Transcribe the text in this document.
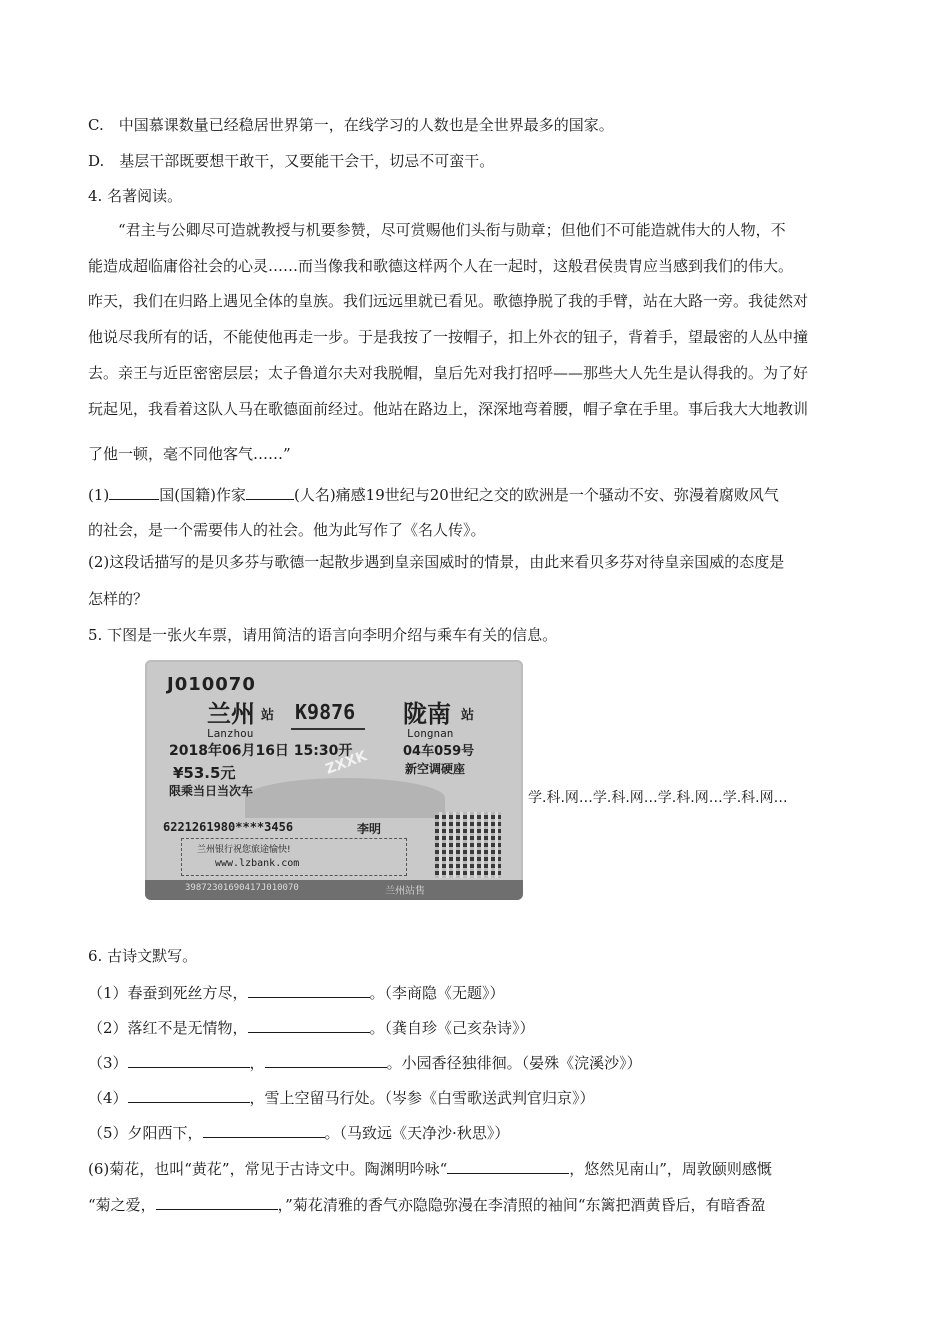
C.　中国慕课数量已经稳居世界第一，在线学习的人数也是全世界最多的国家。
D.　基层干部既要想干敢干，又要能干会干，切忌不可蛮干。
4. 名著阅读。
“君主与公卿尽可造就教授与机要参赞，尽可赏赐他们头衔与勋章；但他们不可能造就伟大的人物，不
能造成超临庸俗社会的心灵……而当像我和歌德这样两个人在一起时，这般君侯贵胄应当感到我们的伟大。
昨天，我们在归路上遇见全体的皇族。我们远远里就已看见。歌德挣脱了我的手臂，站在大路一旁。我徒然对
他说尽我所有的话，不能使他再走一步。于是我按了一按帽子，扣上外衣的钮子，背着手，望最密的人丛中撞
去。亲王与近臣密密层层；太子鲁道尔夫对我脱帽，皇后先对我打招呼——那些大人先生是认得我的。为了好
玩起见，我看着这队人马在歌德面前经过。他站在路边上，深深地弯着腰，帽子拿在手里。事后我大大地教训
了他一顿，毫不同他客气……”
(1)	国(国籍)作家	(人名)痛感19世纪与20世纪之交的欧洲是一个骚动不安、弥漫着腐败风气
的社会，是一个需要伟人的社会。他为此写作了《名人传》。
(2)这段话描写的是贝多芬与歌德一起散步遇到皇亲国威时的情景，由此来看贝多芬对待皇亲国威的态度是
怎样的？
5. 下图是一张火车票，请用简洁的语言向李明介绍与乘车有关的信息。
J010070
兰州 站 K9876 陇南 站
Lanzhou	Longnan
2018年06月16日 15:30开	04车059号
¥53.5元	新空调硬座
限乘当日当次车
ZXXK
6221261980****3456	李明
兰州银行祝您旅途愉快!
www.lzbank.com
39872301690417J010070	兰州站售
学.科.网…学.科.网…学.科.网…学.科.网…
6. 古诗文默写。
（1）春蚕到死丝方尽，	。（李商隐《无题》）
（2）落红不是无情物，	。（龚自珍《己亥杂诗》）
（3）	，	。小园香径独徘徊。（晏殊《浣溪沙》）
（4）	，雪上空留马行处。（岑参《白雪歌送武判官归京》）
（5）夕阳西下，	。（马致远《天净沙·秋思》）
(6)菊花，也叫“黄花”，常见于古诗文中。陶渊明吟咏“	，悠然见南山”，周敦颐则感慨
“菊之爱，	，”菊花清雅的香气亦隐隐弥漫在李清照的袖间“东篱把酒黄昏后，有暗香盈
